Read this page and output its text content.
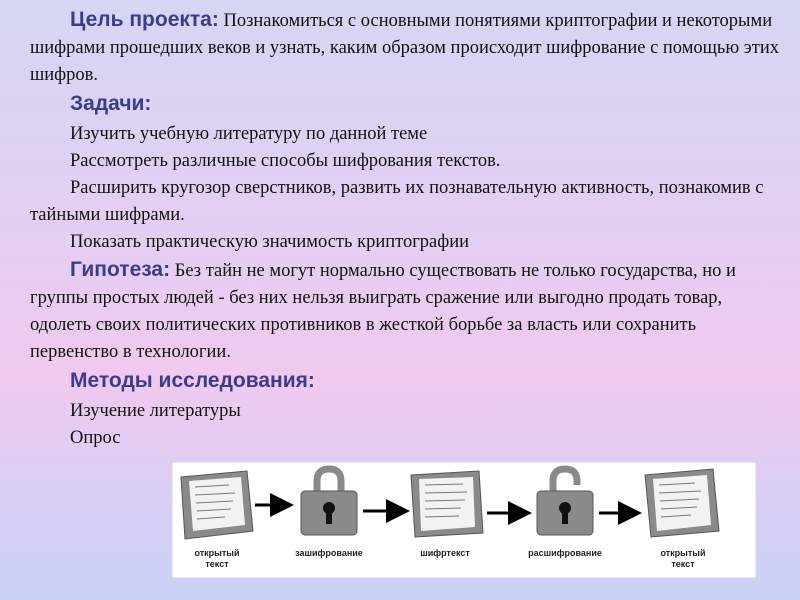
Цель проекта: Познакомиться с основными понятиями криптографии и некоторыми шифрами прошедших веков и узнать, каким образом происходит шифрование с помощью этих шифров.

Задачи:

Изучить учебную литературу по данной теме

Рассмотреть различные способы шифрования текстов.

Расширить кругозор сверстников, развить их познавательную активность, познакомив с тайными шифрами.

Показать практическую значимость криптографии

Гипотеза: Без тайн не могут нормально существовать не только государства, но и группы простых людей - без них нельзя выиграть сражение или выгодно продать товар, одолеть своих политических противников в жесткой борьбе за власть или сохранить первенство в технологии.

Методы исследования:

Изучение литературы

Опрос

открытый
текст
зашифрование	шифртекст	расшифрование	открытый
текст
